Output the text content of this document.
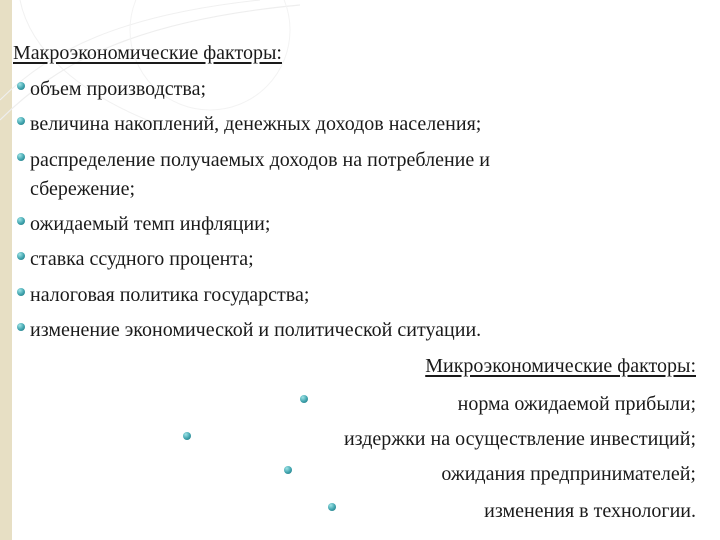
Макроэкономические факторы:
объем производства;
величина накоплений, денежных доходов населения;
распределение получаемых доходов на потребление и
сбережение;
ожидаемый темп инфляции;
ставка ссудного процента;
налоговая политика государства;
изменение экономической и политической ситуации.
Микроэкономические факторы:
норма ожидаемой прибыли;
издержки на осуществление инвестиций;
ожидания предпринимателей;
изменения в технологии.
